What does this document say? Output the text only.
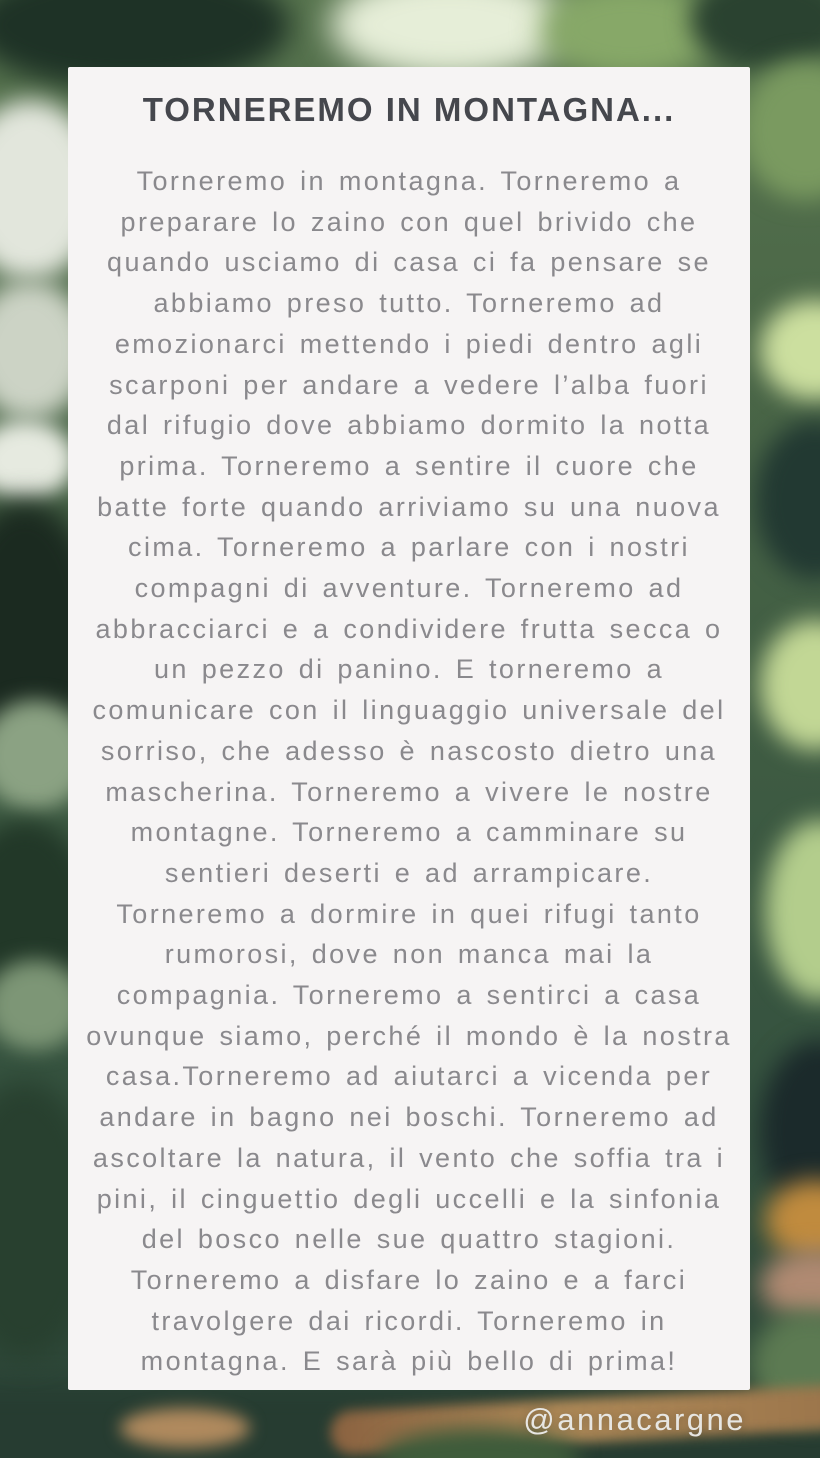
TORNEREMO IN MONTAGNA...

Torneremo in montagna. Torneremo a preparare lo zaino con quel brivido che quando usciamo di casa ci fa pensare se abbiamo preso tutto. Torneremo ad emozionarci mettendo i piedi dentro agli scarponi per andare a vedere l’alba fuori dal rifugio dove abbiamo dormito la notta prima. Torneremo a sentire il cuore che batte forte quando arriviamo su una nuova cima. Torneremo a parlare con i nostri compagni di avventure. Torneremo ad abbracciarci e a condividere frutta secca o un pezzo di panino. E torneremo a comunicare con il linguaggio universale del sorriso, che adesso è nascosto dietro una mascherina. Torneremo a vivere le nostre montagne. Torneremo a camminare su sentieri deserti e ad arrampicare. Torneremo a dormire in quei rifugi tanto rumorosi, dove non manca mai la compagnia. Torneremo a sentirci a casa ovunque siamo, perché il mondo è la nostra casa.Torneremo ad aiutarci a vicenda per andare in bagno nei boschi. Torneremo ad ascoltare la natura, il vento che soffia tra i pini, il cinguettio degli uccelli e la sinfonia del bosco nelle sue quattro stagioni. Torneremo a disfare lo zaino e a farci travolgere dai ricordi. Torneremo in montagna. E sarà più bello di prima!

@annacargne
